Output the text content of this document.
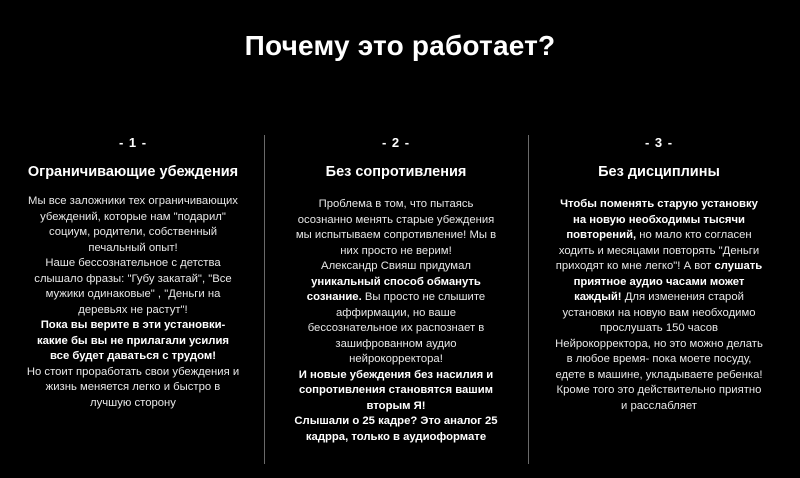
Почему это работает?
- 1 -
Ограничивающие убеждения
Мы все заложники тех ограничивающих убеждений, которые нам "подарил" социум, родители, собственный печальный опыт!
Наше бессознательное с детства слышало фразы: "Губу закатай", "Все мужики одинаковые" , "Деньги на деревьях не растут"!
Пока вы верите в эти установки- какие бы вы не прилагали усилия все будет даваться с трудом!
Но стоит проработать свои убеждения и жизнь меняется легко и быстро в лучшую сторону
- 2 -
Без сопротивления
Проблема в том, что пытаясь осознанно менять старые убеждения мы испытываем сопротивление! Мы в них просто не верим!
Александр Свияш придумал уникальный способ обмануть сознание. Вы просто не слышите аффирмации, но ваше бессознательное их распознает в зашифрованном аудио нейрокорректора!
И новые убеждения без насилия и сопротивления становятся вашим вторым Я!
Слышали о 25 кадре? Это аналог 25 кадрра, только в аудиоформате
- 3 -
Без дисциплины
Чтобы поменять старую установку на новую необходимы тысячи повторений, но мало кто согласен ходить и месяцами повторять "Деньги приходят ко мне легко"! А вот слушать приятное аудио часами может каждый! Для изменения старой установки на новую вам необходимо прослушать 150 часов Нейрокорректора, но это можно делать в любое время- пока моете посуду, едете в машине, укладываете ребенка! Кроме того это действительно приятно и расслабляет
